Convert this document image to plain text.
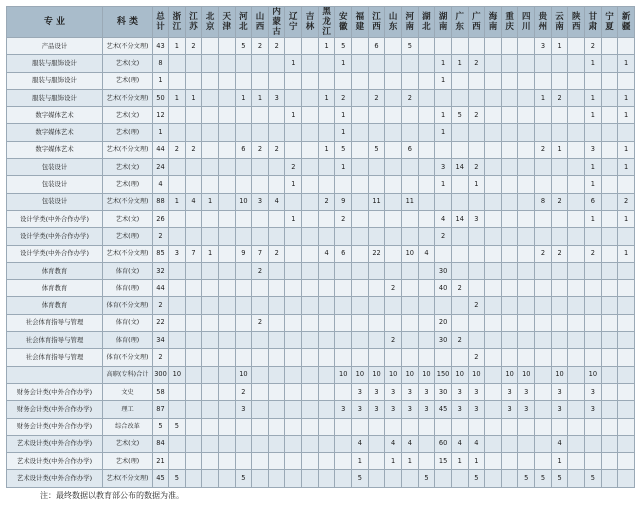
专 业	科 类	总计	浙江	江苏	北京	天津	河北	山西	内蒙古	辽宁	吉林	黑龙江	安徽	福建	江西	山东	河南	湖北	湖南	广东	广西	海南	重庆	四川	贵州	云南	陕西	甘肃	宁夏	新疆
产品设计	艺术(不分文理)	43	1	2			5	2	2			1	5		6		5								3	1		2		
服装与服饰设计	艺术(文)	8								1			1						1	1	2							1		1
服装与服饰设计	艺术(理)	1																	1											
服装与服饰设计	艺术(不分文理)	50	1	1			1	1	3			1	2		2		2								1	2		1		1
数字媒体艺术	艺术(文)	12								1			1						1	5	2							1		1
数字媒体艺术	艺术(理)	1											1						1											
数字媒体艺术	艺术(不分文理)	44	2	2			6	2	2			1	5		5		6								2	1		3		1
包装设计	艺术(文)	24								2			1						3	14	2							1		1
包装设计	艺术(理)	4								1									1		1							1		
包装设计	艺术(不分文理)	88	1	4	1		10	3	4			2	9		11		11								8	2		6		2
设计学类(中外合作办学)	艺术(文)	26								1			2						4	14	3							1		1
设计学类(中外合作办学)	艺术(理)	2																	2											
设计学类(中外合作办学)	艺术(不分文理)	85	3	7	1		9	7	2			4	6		22		10	4							2	2		2		1
体育教育	体育(文)	32						2											30											
体育教育	体育(理)	44														2			40	2										
体育教育	体育(不分文理)	2																			2									
社会体育指导与管理	体育(文)	22						2											20											
社会体育指导与管理	体育(理)	34														2			30	2										
社会体育指导与管理	体育(不分文理)	2																			2									
	高职(专科)合计	300	10				10						10	10	10	10	10	10	150	10	10		10	10		10		10		
财务会计类(中外合作办学)	文史	58					2							3	3	3	3	3	30	3	3		3	3		3		3		
财务会计类(中外合作办学)	理工	87					3						3	3	3	3	3	3	45	3	3		3	3		3		3		
财务会计类(中外合作办学)	综合改革	5	5																											
艺术设计类(中外合作办学)	艺术(文)	84												4		4	4		60	4	4					4				
艺术设计类(中外合作办学)	艺术(理)	21												1		1	1		15	1	1					1				
艺术设计类(中外合作办学)	艺术(不分文理)	45	5				5							5				5			5			5	5	5		5		
注：最终数据以教育部公布的数据为准。
